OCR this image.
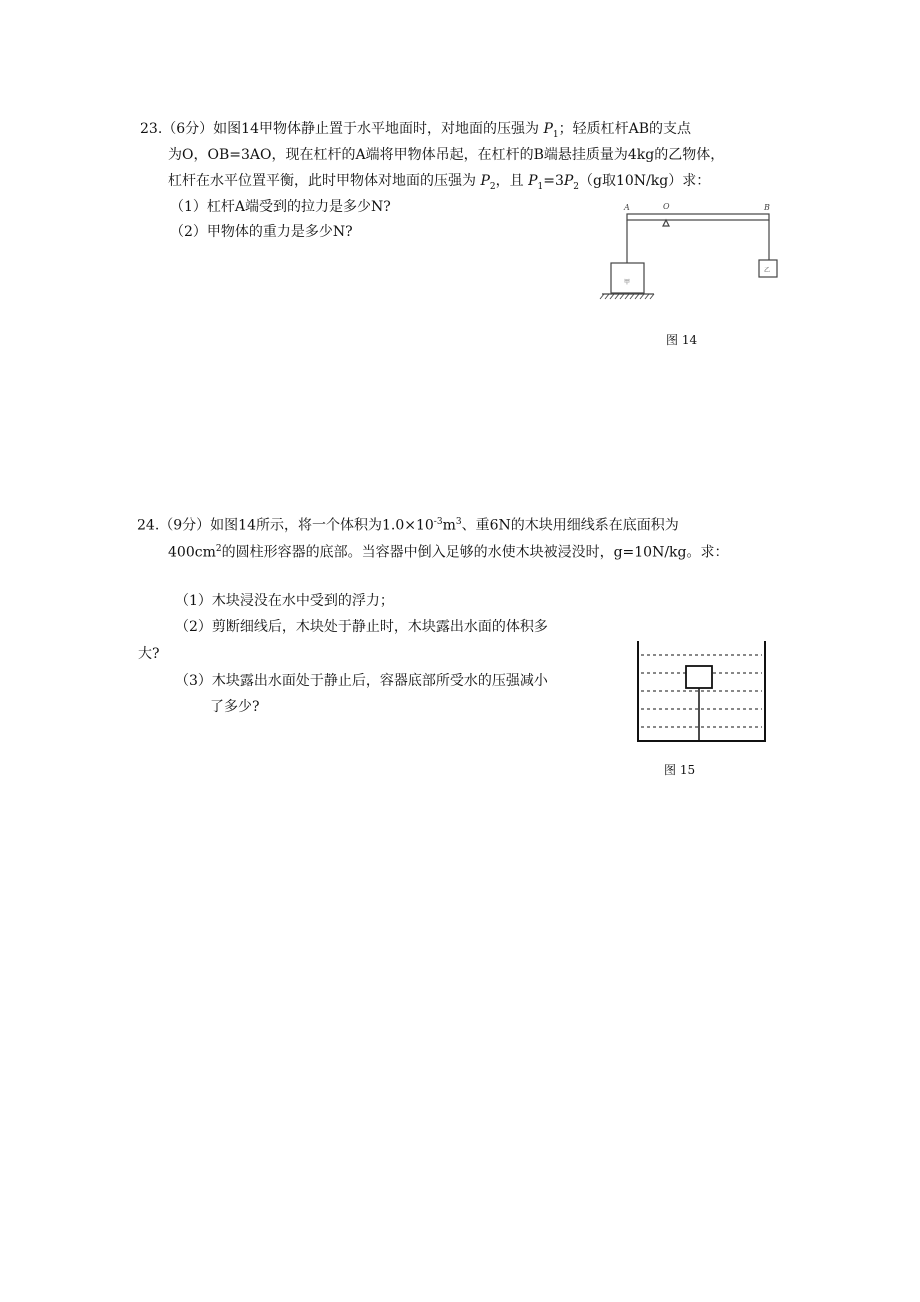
23.（6分）如图14甲物体静止置于水平地面时，对地面的压强为 $P_1$；轻质杠杆AB的支点
为O，OB=3AO，现在杠杆的A端将甲物体吊起，在杠杆的B端悬挂质量为4kg的乙物体，
杠杆在水平位置平衡，此时甲物体对地面的压强为 $P_2$，且 $P_1=3P_2(g$取10N/kg）求：
（1）杠杆A端受到的拉力是多少N?
（2）甲物体的重力是多少N?
A	O	B
甲
乙
图 14
24.（9分）如图14所示，将一个体积为$1.0\times 10^{-3}m^3$、重6N的木块用细线系在底面积为
$400cm^2$的圆柱形容器的底部。当容器中倒入足够的水使木块被浸没时，g=10N/kg。求：
（1）木块浸没在水中受到的浮力；
（2）剪断细线后，木块处于静止时，木块露出水面的体积多
大?
（3）木块露出水面处于静止后，容器底部所受水的压强减小
了多少?
图 15
